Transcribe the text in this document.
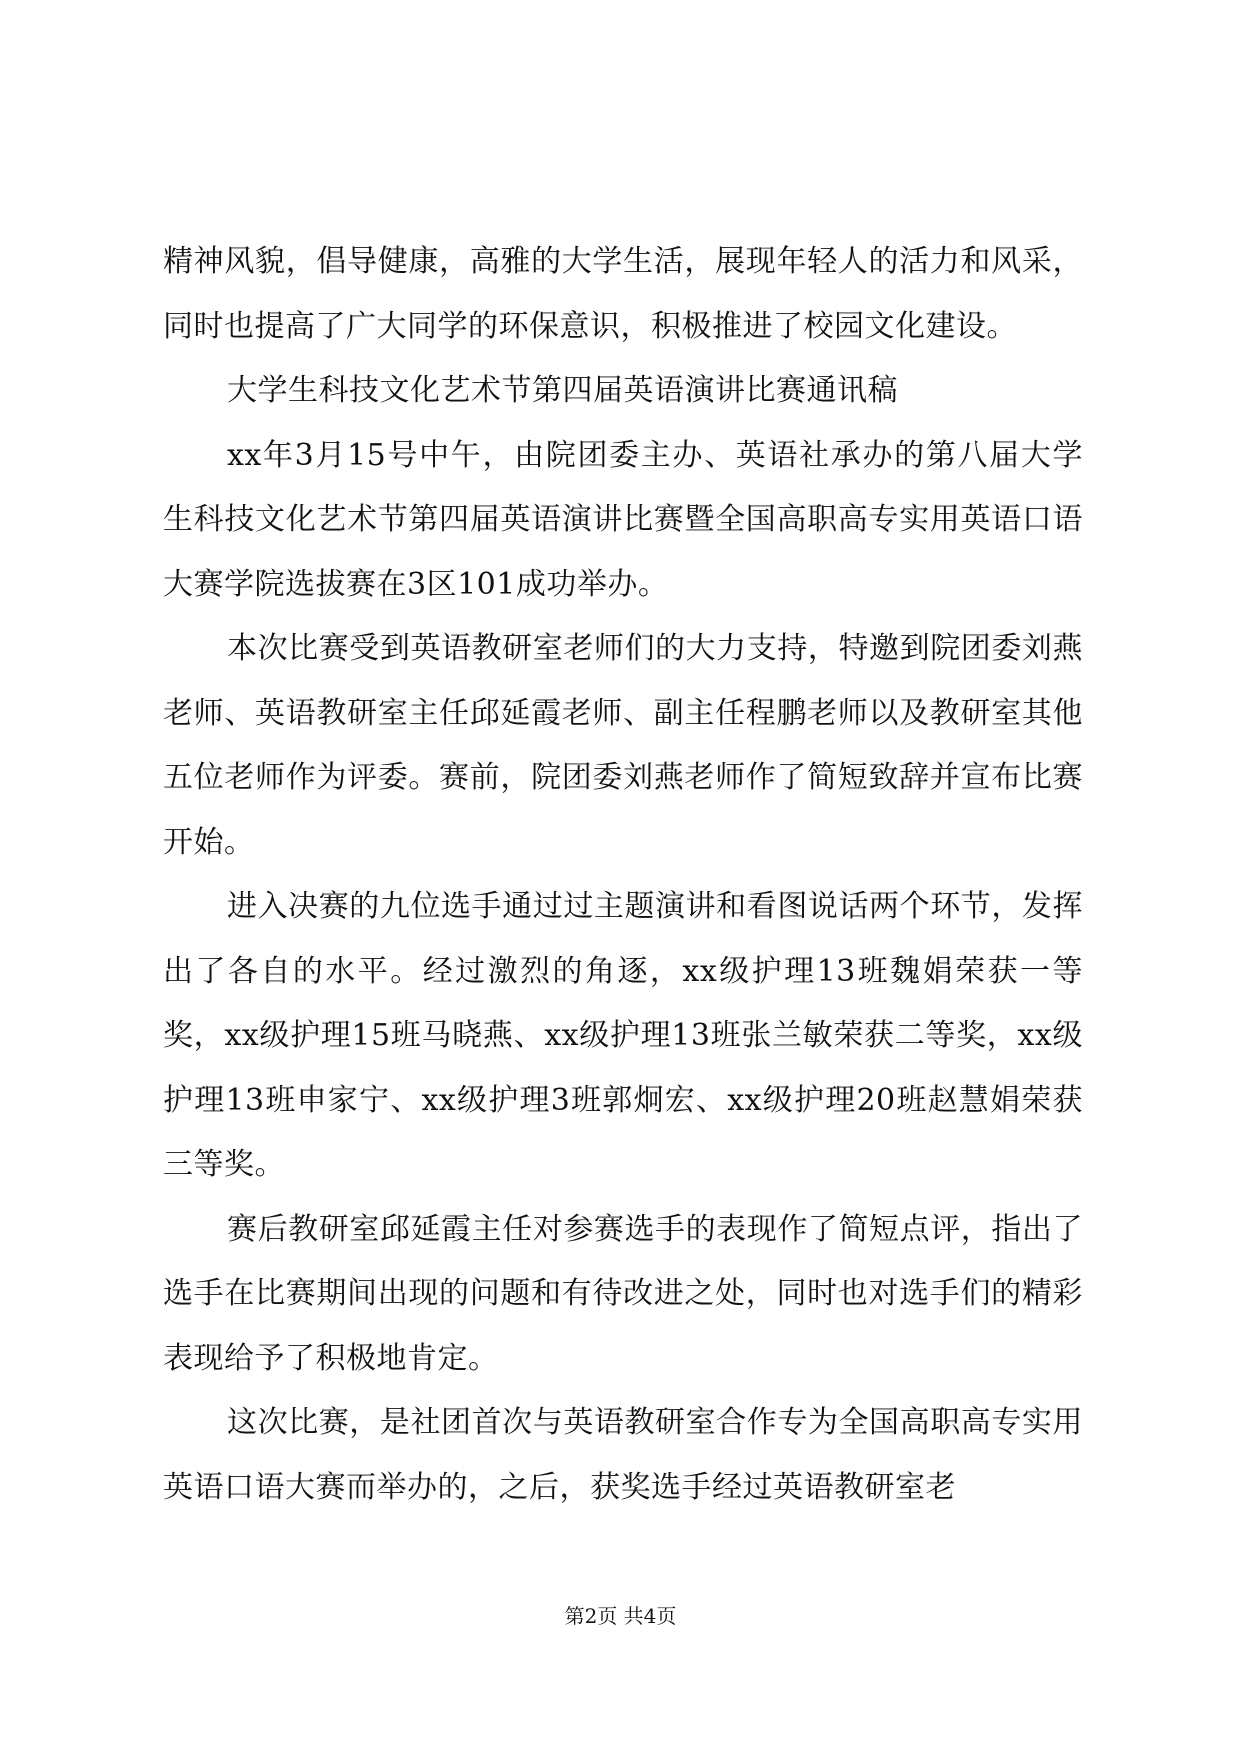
精神风貌，倡导健康，高雅的大学生活，展现年轻人的活力和风采，同时也提高了广大同学的环保意识，积极推进了校园文化建设。

大学生科技文化艺术节第四届英语演讲比赛通讯稿

xx年3月15号中午，由院团委主办、英语社承办的第八届大学生科技文化艺术节第四届英语演讲比赛暨全国高职高专实用英语口语大赛学院选拔赛在3区101成功举办。

本次比赛受到英语教研室老师们的大力支持，特邀到院团委刘燕老师、英语教研室主任邱延霞老师、副主任程鹏老师以及教研室其他五位老师作为评委。赛前，院团委刘燕老师作了简短致辞并宣布比赛开始。

进入决赛的九位选手通过过主题演讲和看图说话两个环节，发挥出了各自的水平。经过激烈的角逐，xx级护理13班魏娟荣获一等奖，xx级护理15班马晓燕、xx级护理13班张兰敏荣获二等奖，xx级护理13班申家宁、xx级护理3班郭炯宏、xx级护理20班赵慧娟荣获三等奖。

赛后教研室邱延霞主任对参赛选手的表现作了简短点评，指出了选手在比赛期间出现的问题和有待改进之处，同时也对选手们的精彩表现给予了积极地肯定。

这次比赛，是社团首次与英语教研室合作专为全国高职高专实用英语口语大赛而举办的，之后，获奖选手经过英语教研室老

第2页 共4页
